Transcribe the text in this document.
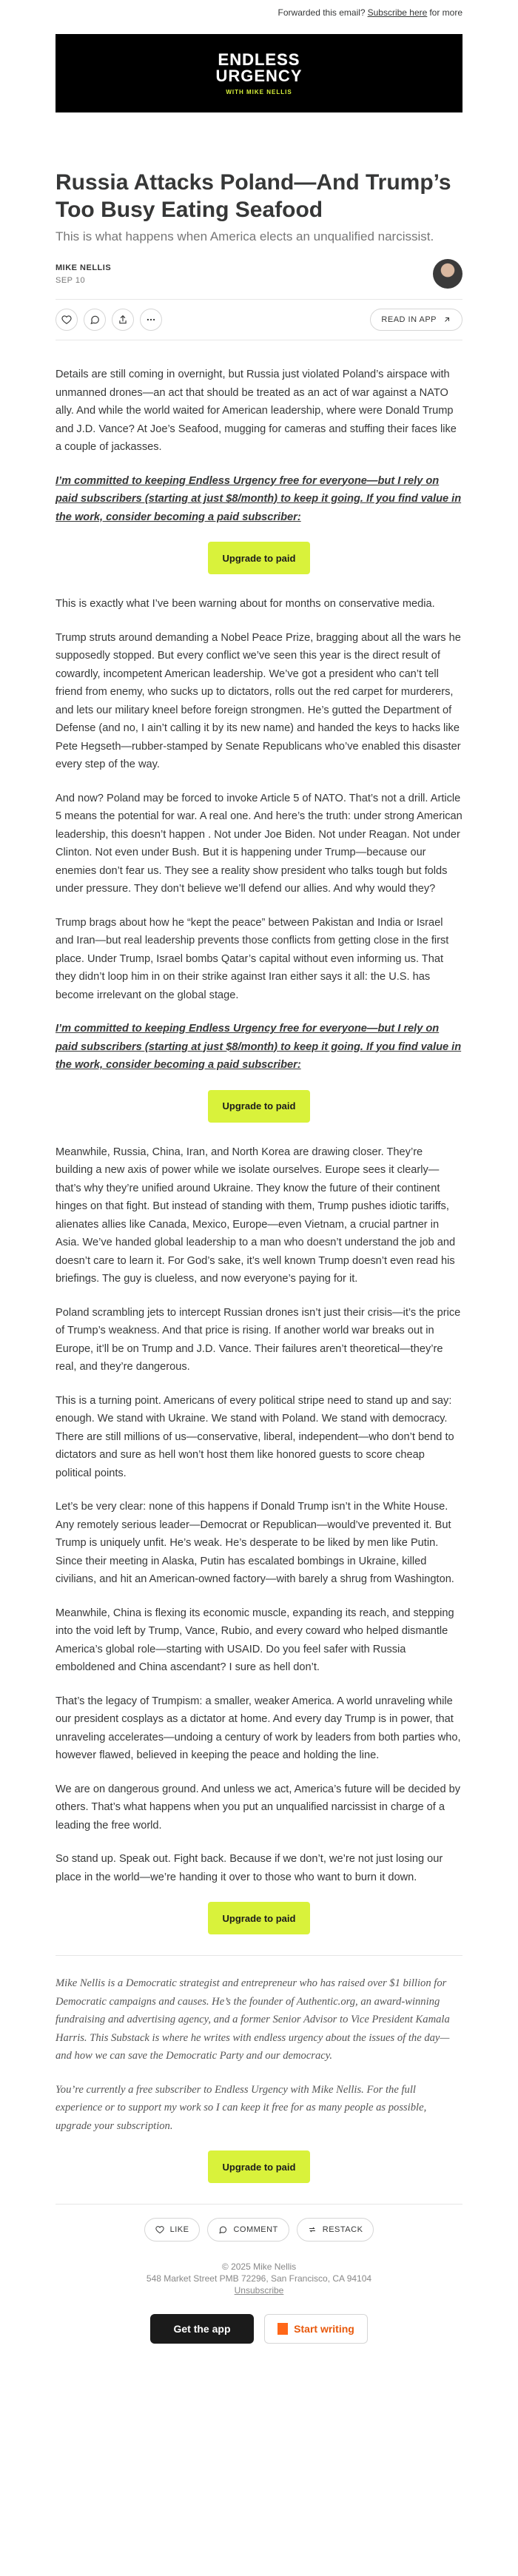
Forwarded this email? Subscribe here for more
ENDLESS
URGENCY
WITH MIKE NELLIS
Russia Attacks Poland—And Trump’s Too Busy Eating Seafood
This is what happens when America elects an unqualified narcissist.
MIKE NELLIS
SEP 10
READ IN APP

Details are still coming in overnight, but Russia just violated Poland’s airspace with unmanned drones—an act that should be treated as an act of war against a NATO ally. And while the world waited for American leadership, where were Donald Trump and J.D. Vance? At Joe’s Seafood, mugging for cameras and stuffing their faces like a couple of jackasses.

I’m committed to keeping Endless Urgency free for everyone—but I rely on paid subscribers (starting at just $8/month) to keep it going. If you find value in the work, consider becoming a paid subscriber:

Upgrade to paid

This is exactly what I’ve been warning about for months on conservative media.

Trump struts around demanding a Nobel Peace Prize, bragging about all the wars he supposedly stopped. But every conflict we’ve seen this year is the direct result of cowardly, incompetent American leadership. We’ve got a president who can’t tell friend from enemy, who sucks up to dictators, rolls out the red carpet for murderers, and lets our military kneel before foreign strongmen. He’s gutted the Department of Defense (and no, I ain’t calling it by its new name) and handed the keys to hacks like Pete Hegseth—rubber-stamped by Senate Republicans who’ve enabled this disaster every step of the way.

And now? Poland may be forced to invoke Article 5 of NATO. That’s not a drill. Article 5 means the potential for war. A real one. And here’s the truth: under strong American leadership, this doesn’t happen . Not under Joe Biden. Not under Reagan. Not under Clinton. Not even under Bush. But it is happening under Trump—because our enemies don’t fear us. They see a reality show president who talks tough but folds under pressure. They don’t believe we’ll defend our allies. And why would they?

Trump brags about how he “kept the peace” between Pakistan and India or Israel and Iran—but real leadership prevents those conflicts from getting close in the first place. Under Trump, Israel bombs Qatar’s capital without even informing us. That they didn’t loop him in on their strike against Iran either says it all: the U.S. has become irrelevant on the global stage.

I’m committed to keeping Endless Urgency free for everyone—but I rely on paid subscribers (starting at just $8/month) to keep it going. If you find value in the work, consider becoming a paid subscriber:

Upgrade to paid

Meanwhile, Russia, China, Iran, and North Korea are drawing closer. They’re building a new axis of power while we isolate ourselves. Europe sees it clearly—that’s why they’re unified around Ukraine. They know the future of their continent hinges on that fight. But instead of standing with them, Trump pushes idiotic tariffs, alienates allies like Canada, Mexico, Europe—even Vietnam, a crucial partner in Asia. We’ve handed global leadership to a man who doesn’t understand the job and doesn’t care to learn it. For God’s sake, it’s well known Trump doesn’t even read his briefings. The guy is clueless, and now everyone’s paying for it.

Poland scrambling jets to intercept Russian drones isn’t just their crisis—it’s the price of Trump’s weakness. And that price is rising. If another world war breaks out in Europe, it’ll be on Trump and J.D. Vance. Their failures aren’t theoretical—they’re real, and they’re dangerous.

This is a turning point. Americans of every political stripe need to stand up and say: enough. We stand with Ukraine. We stand with Poland. We stand with democracy. There are still millions of us—conservative, liberal, independent—who don’t bend to dictators and sure as hell won’t host them like honored guests to score cheap political points.

Let’s be very clear: none of this happens if Donald Trump isn’t in the White House. Any remotely serious leader—Democrat or Republican—would’ve prevented it. But Trump is uniquely unfit. He’s weak. He’s desperate to be liked by men like Putin. Since their meeting in Alaska, Putin has escalated bombings in Ukraine, killed civilians, and hit an American-owned factory—with barely a shrug from Washington.

Meanwhile, China is flexing its economic muscle, expanding its reach, and stepping into the void left by Trump, Vance, Rubio, and every coward who helped dismantle America’s global role—starting with USAID. Do you feel safer with Russia emboldened and China ascendant? I sure as hell don’t.

That’s the legacy of Trumpism: a smaller, weaker America. A world unraveling while our president cosplays as a dictator at home. And every day Trump is in power, that unraveling accelerates—undoing a century of work by leaders from both parties who, however flawed, believed in keeping the peace and holding the line.

We are on dangerous ground. And unless we act, America’s future will be decided by others. That’s what happens when you put an unqualified narcissist in charge of a leading the free world.

So stand up. Speak out. Fight back. Because if we don’t, we’re not just losing our place in the world—we’re handing it over to those who want to burn it down.

Upgrade to paid

Mike Nellis is a Democratic strategist and entrepreneur who has raised over $1 billion for Democratic campaigns and causes. He’s the founder of Authentic.org, an award-winning fundraising and advertising agency, and a former Senior Advisor to Vice President Kamala Harris. This Substack is where he writes with endless urgency about the issues of the day—and how we can save the Democratic Party and our democracy.

You’re currently a free subscriber to Endless Urgency with Mike Nellis. For the full experience or to support my work so I can keep it free for as many people as possible, upgrade your subscription.

Upgrade to paid
LIKE	COMMENT	RESTACK
© 2025 Mike Nellis
548 Market Street PMB 72296, San Francisco, CA 94104
Unsubscribe
Get the app	Start writing
